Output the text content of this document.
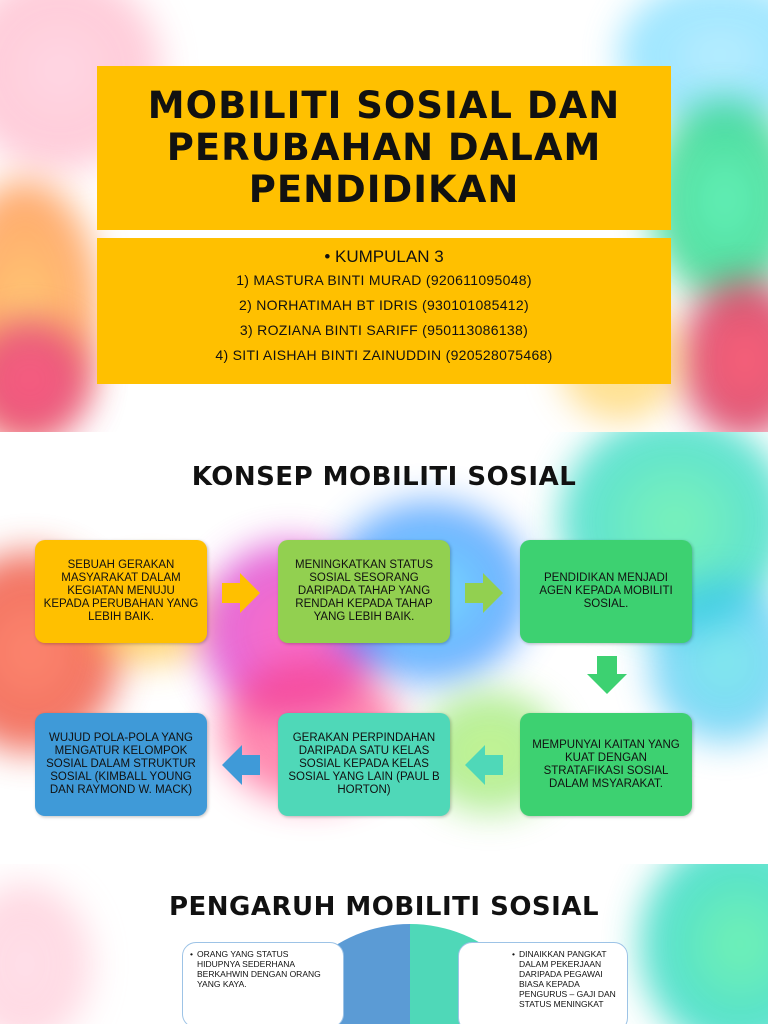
MOBILITI SOSIAL DAN
PERUBAHAN DALAM
PENDIDIKAN

• KUMPULAN 3
1) MASTURA BINTI MURAD (920611095048)
2) NORHATIMAH BT IDRIS (930101085412)
3) ROZIANA BINTI SARIFF (950113086138)
4) SITI AISHAH BINTI ZAINUDDIN (920528075468)
KONSEP MOBILITI SOSIAL
SEBUAH GERAKAN MASYARAKAT DALAM KEGIATAN MENUJU KEPADA PERUBAHAN YANG LEBIH BAIK.
MENINGKATKAN STATUS SOSIAL SESORANG DARIPADA TAHAP YANG RENDAH KEPADA TAHAP YANG LEBIH BAIK.
PENDIDIKAN MENJADI AGEN KEPADA MOBILITI SOSIAL.
MEMPUNYAI KAITAN YANG KUAT DENGAN STRATAFIKASI SOSIAL DALAM MSYARAKAT.
GERAKAN PERPINDAHAN DARIPADA SATU KELAS SOSIAL KEPADA KELAS SOSIAL YANG LAIN (PAUL B HORTON)
WUJUD POLA-POLA YANG MENGATUR KELOMPOK SOSIAL DALAM STRUKTUR SOSIAL (KIMBALL YOUNG DAN RAYMOND W. MACK)
PENGARUH MOBILITI SOSIAL
• ORANG YANG STATUS HIDUPNYA SEDERHANA BERKAHWIN DENGAN ORANG YANG KAYA.
• DINAIKKAN PANGKAT DALAM PEKERJAAN DARIPADA PEGAWAI BIASA KEPADA PENGURUS – GAJI DAN STATUS MENINGKAT
